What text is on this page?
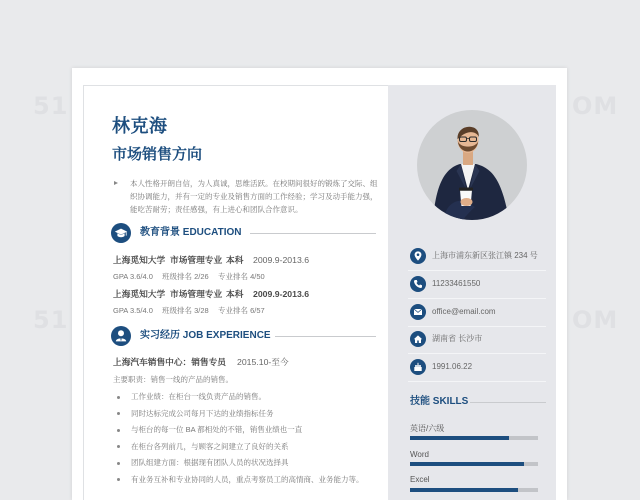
51
51
OM
OM
林克海
市场销售方向
本人性格开朗自信，为人真诚，思维活跃。在校期间很好的锻炼了交际、组
织协调能力，并有一定的专业及销售方面的工作经验；学习及动手能力强，
能吃苦耐劳；责任感强，有上进心和团队合作意识。
教育背景 EDUCATION
上海觅知大学 市场管理专业 本科 2009.9-2013.6
GPA 3.6/4.0 班级排名 2/26 专业排名 4/50
上海觅知大学 市场管理专业 本科 2009.9-2013.6
GPA 3.5/4.0 班级排名 3/28 专业排名 6/57
实习经历 JOB EXPERIENCE
上海汽车销售中心：销售专员 2015.10-至今
主要职责：销售一线的产品的销售。
工作业绩：在柜台一线负责产品的销售。
同时达标完成公司每月下达的业绩指标任务
与柜台的每一位 BA 都相处的不错，销售业绩也一直
在柜台各列前几，与顾客之间建立了良好的关系
团队组建方面：根据现有团队人员的状况选择具
有业务互补和专业协同的人员，重点考察员工的高情商、业务能力等。
上海市浦东新区张江镇 234 号
11233461550
office@email.com
湖南省 长沙市
1991.06.22
技能 SKILLS
英语/六级
Word
Excel
